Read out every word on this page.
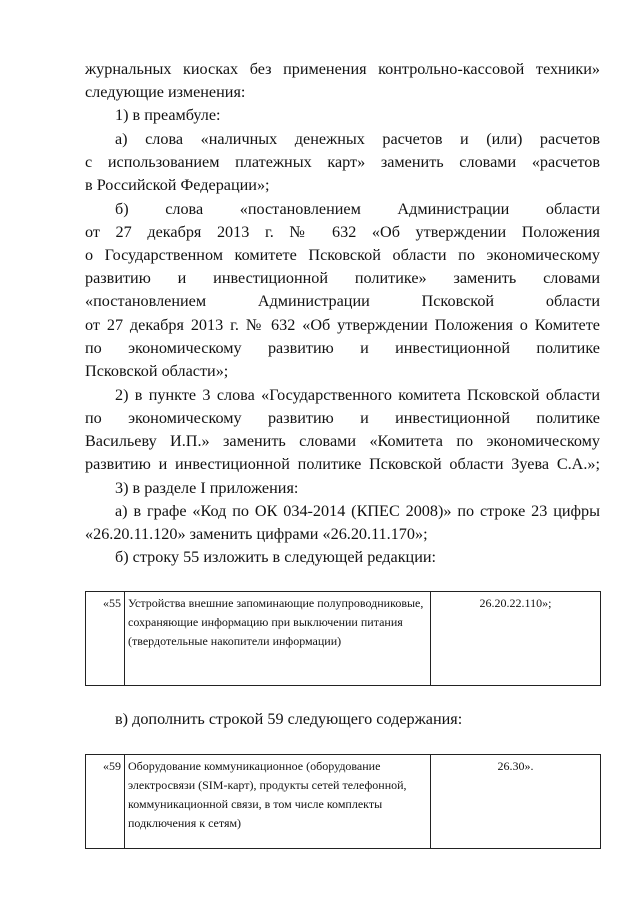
журнальных киосках без применения контрольно-кассовой техники»

следующие изменения:

1) в преамбуле:

а) слова «наличных денежных расчетов и (или) расчетов

с использованием платежных карт» заменить словами «расчетов

в Российской Федерации»;

б) слова «постановлением Администрации области

от 27 декабря 2013 г. № 632 «Об утверждении Положения

о Государственном комитете Псковской области по экономическому

развитию и инвестиционной политике» заменить словами

«постановлением Администрации Псковской области

от 27 декабря 2013 г. № 632 «Об утверждении Положения о Комитете

по экономическому развитию и инвестиционной политике

Псковской области»;

2) в пункте 3 слова «Государственного комитета Псковской области

по экономическому развитию и инвестиционной политике

Васильеву И.П.» заменить словами «Комитета по экономическому

развитию и инвестиционной политике Псковской области Зуева С.А.»;

3) в разделе I приложения:

а) в графе «Код по ОК 034-2014 (КПЕС 2008)» по строке 23 цифры

«26.20.11.120» заменить цифрами «26.20.11.170»;

б) строку 55 изложить в следующей редакции:

«55	Устройства внешние запоминающие полупроводниковые, сохраняющие информацию при выключении питания (твердотельные накопители информации)	26.20.22.110»;

в) дополнить строкой 59 следующего содержания:

«59	Оборудование коммуникационное (оборудование электросвязи (SIM-карт), продукты сетей телефонной, коммуникационной связи, в том числе комплекты подключения к сетям)	26.30».
